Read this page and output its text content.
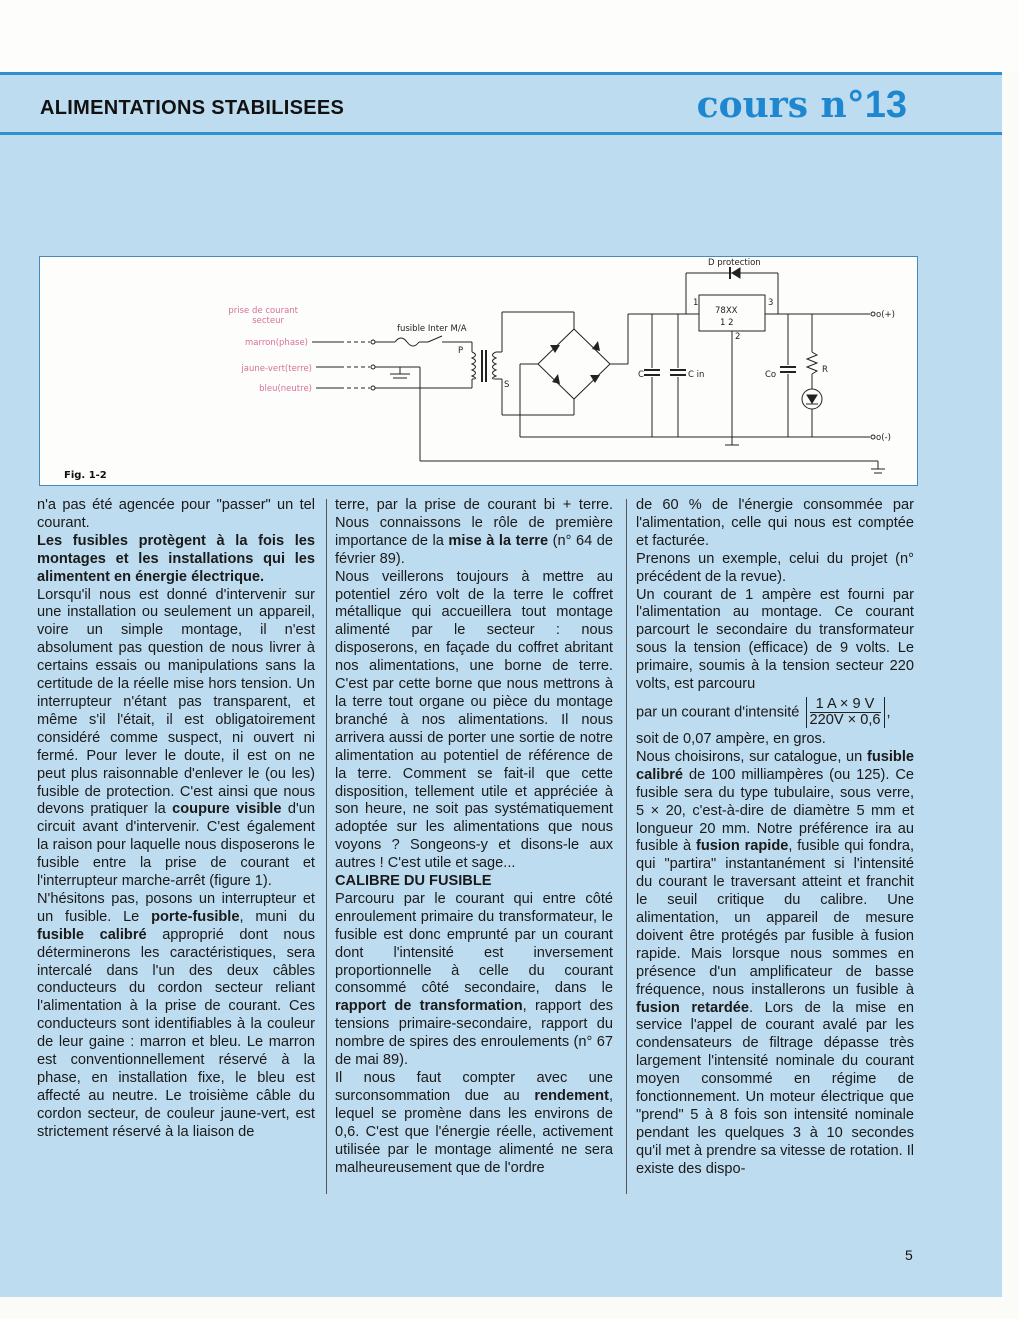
ALIMENTATIONS STABILISEES	cours n°13
prise de courant
secteur
marron(phase)
jaune-vert(terre)
bleu(neutre)
fusible Inter M/A
D protection
78XX
1 2
1	3
2
P
S
C	C in	Co	R
o(+)
o(-)
Fig. 1-2

n'a pas été agencée pour "passer" un tel courant.

Les fusibles protègent à la fois les montages et les installations qui les alimentent en énergie électrique.

Lorsqu'il nous est donné d'intervenir sur une installation ou seulement un appareil, voire un simple montage, il n'est absolument pas question de nous livrer à certains essais ou manipulations sans la certitude de la réelle mise hors tension. Un interrupteur n'étant pas transparent, et même s'il l'était, il est obligatoirement considéré comme suspect, ni ouvert ni fermé. Pour lever le doute, il est on ne peut plus raisonnable d'enlever le (ou les) fusible de protection. C'est ainsi que nous devons pratiquer la coupure visible d'un circuit avant d'intervenir. C'est également la raison pour laquelle nous disposerons le fusible entre la prise de courant et l'interrupteur marche-arrêt (figure 1).

N'hésitons pas, posons un interrupteur et un fusible. Le porte-fusible, muni du fusible calibré approprié dont nous déterminerons les caractéristiques, sera intercalé dans l'un des deux câbles conducteurs du cordon secteur reliant l'alimentation à la prise de courant. Ces conducteurs sont identifiables à la couleur de leur gaine : marron et bleu. Le marron est conventionnellement réservé à la phase, en installation fixe, le bleu est affecté au neutre. Le troisième câble du cordon secteur, de couleur jaune-vert, est strictement réservé à la liaison de

terre, par la prise de courant bi + terre. Nous connaissons le rôle de première importance de la mise à la terre (n° 64 de février 89).

Nous veillerons toujours à mettre au potentiel zéro volt de la terre le coffret métallique qui accueillera tout montage alimenté par le secteur : nous disposerons, en façade du coffret abritant nos alimentations, une borne de terre. C'est par cette borne que nous mettrons à la terre tout organe ou pièce du montage branché à nos alimentations. Il nous arrivera aussi de porter une sortie de notre alimentation au potentiel de référence de la terre. Comment se fait-il que cette disposition, tellement utile et appréciée à son heure, ne soit pas systématiquement adoptée sur les alimentations que nous voyons ? Songeons-y et disons-le aux autres ! C'est utile et sage...

CALIBRE DU FUSIBLE

Parcouru par le courant qui entre côté enroulement primaire du transformateur, le fusible est donc emprunté par un courant dont l'intensité est inversement proportionnelle à celle du courant consommé côté secondaire, dans le rapport de transformation, rapport des tensions primaire-secondaire, rapport du nombre de spires des enroulements (n° 67 de mai 89).

Il nous faut compter avec une surconsommation due au rendement, lequel se promène dans les environs de 0,6. C'est que l'énergie réelle, activement utilisée par le montage alimenté ne sera malheureusement que de l'ordre

de 60 % de l'énergie consommée par l'alimentation, celle qui nous est comptée et facturée.

Prenons un exemple, celui du projet (n° précédent de la revue).

Un courant de 1 ampère est fourni par l'alimentation au montage. Ce courant parcourt le secondaire du transformateur sous la tension (efficace) de 9 volts. Le primaire, soumis à la tension secteur 220 volts, est parcouru

par un courant d'intensité $\frac{1 A \times 9 V}{220V \times 0,6}$ ,

soit de 0,07 ampère, en gros.

Nous choisirons, sur catalogue, un fusible calibré de 100 milliampères (ou 125). Ce fusible sera du type tubulaire, sous verre, 5 × 20, c'est-à-dire de diamètre 5 mm et longueur 20 mm. Notre préférence ira au fusible à fusion rapide, fusible qui fondra, qui "partira" instantanément si l'intensité du courant le traversant atteint et franchit le seuil critique du calibre. Une alimentation, un appareil de mesure doivent être protégés par fusible à fusion rapide. Mais lorsque nous sommes en présence d'un amplificateur de basse fréquence, nous installerons un fusible à fusion retardée. Lors de la mise en service l'appel de courant avalé par les condensateurs de filtrage dépasse très largement l'intensité nominale du courant moyen consommé en régime de fonctionnement. Un moteur électrique que "prend" 5 à 8 fois son intensité nominale pendant les quelques 3 à 10 secondes qu'il met à prendre sa vitesse de rotation. Il existe des dispo-

5
